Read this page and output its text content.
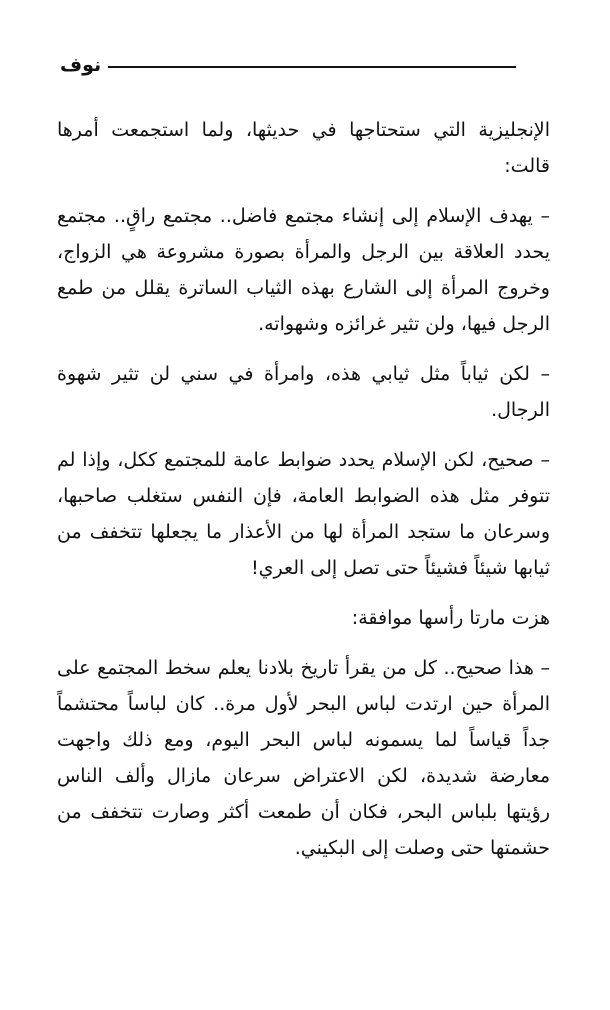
نوف

الإنجليزية التي ستحتاجها في حديثها، ولما استجمعت أمرها قالت:

– يهدف الإسلام إلى إنشاء مجتمع فاضل.. مجتمع راقٍ.. مجتمع يحدد العلاقة بين الرجل والمرأة بصورة مشروعة هي الزواج، وخروج المرأة إلى الشارع بهذه الثياب الساترة يقلل من طمع الرجل فيها، ولن تثير غرائزه وشهواته.

– لكن ثياباً مثل ثيابي هذه، وامرأة في سني لن تثير شهوة الرجال.

– صحيح، لكن الإسلام يحدد ضوابط عامة للمجتمع ككل، وإذا لم تتوفر مثل هذه الضوابط العامة، فإن النفس ستغلب صاحبها، وسرعان ما ستجد المرأة لها من الأعذار ما يجعلها تتخفف من ثيابها شيئاً فشيئاً حتى تصل إلى العري!

هزت مارتا رأسها موافقة:

– هذا صحيح.. كل من يقرأ تاريخ بلادنا يعلم سخط المجتمع على المرأة حين ارتدت لباس البحر لأول مرة.. كان لباساً محتشماً جداً قياساً لما يسمونه لباس البحر اليوم، ومع ذلك واجهت معارضة شديدة، لكن الاعتراض سرعان مازال وألف الناس رؤيتها بلباس البحر، فكان أن طمعت أكثر وصارت تتخفف من حشمتها حتى وصلت إلى البكيني.
